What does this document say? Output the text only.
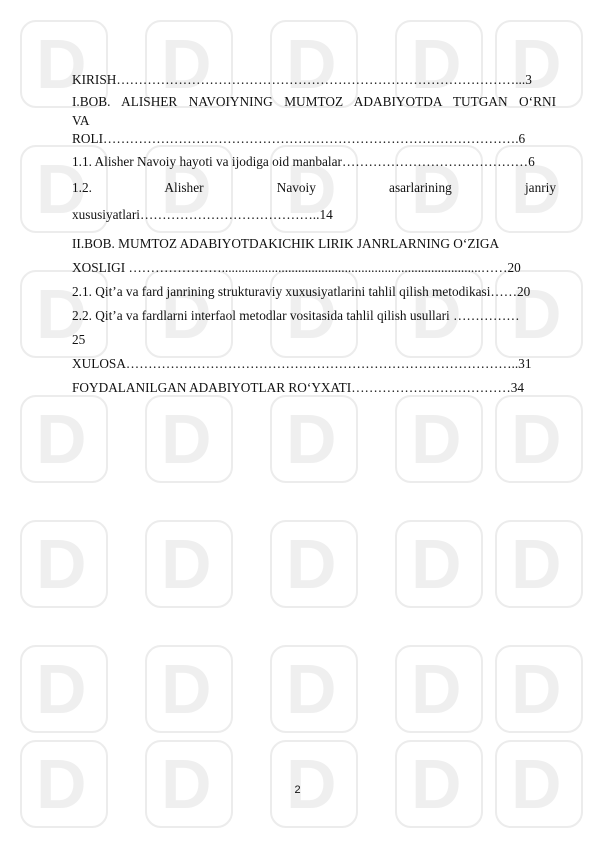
D
D
D
D
D
D
D
D
D
D
D
D
D
D
D
D
D
D
D
D
D
D
D
D
D
D
D
D
D
D
D
D
D
D
D
KIRISH………………………………………………………………………………...3
I.BOB. ALISHER NAVOIYNING MUMTOZ ADABIYOTDA TUTGAN O‘RNI
VA
ROLI………………………………………………………………………………….6
1.1. Alisher Navoiy hayoti va ijodiga oid manbalar……………………………………6
1.2. Alisher Navoiy asarlarining janriy
xususiyatlari…………………………………..14
II.BOB. MUMTOZ ADABIYOTDAKICHIK LIRIK JANRLARNING O‘ZIGA
XOSLIGI …………………..............................................................................……20
2.1. Qit’a va fard janrining strukturaviy xuxusiyatlarini tahlil qilish metodikasi……20
2.2. Qit’a va fardlarni interfaol metodlar vositasida tahlil qilish usullari ……………
25
XULOSA……………………………………………………………………………..31
FOYDALANILGAN ADABIYOTLAR RO‘YXATI………………………………34
2
